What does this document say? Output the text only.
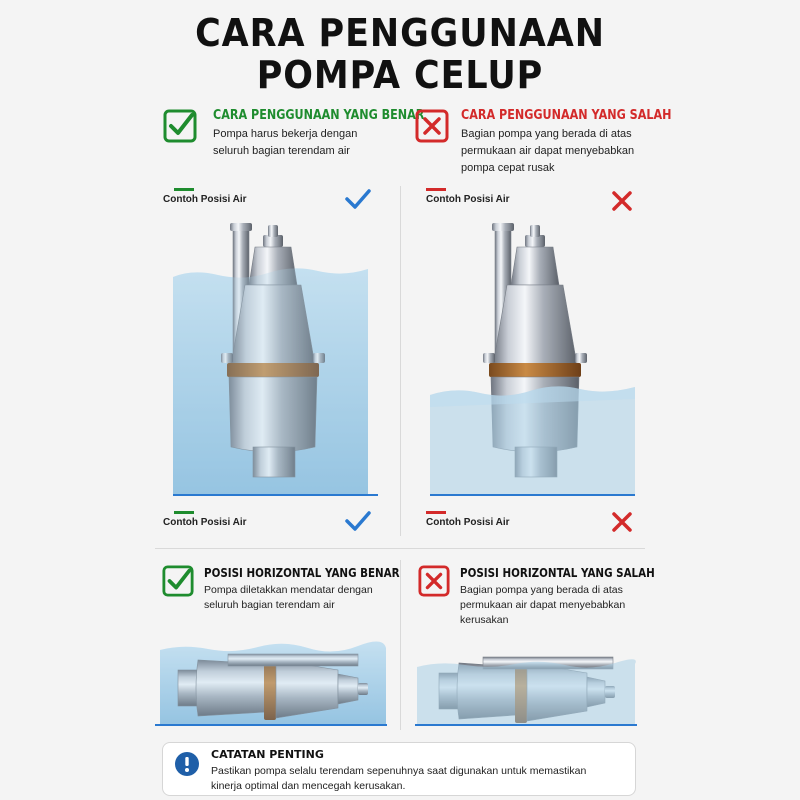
CARA PENGGUNAAN
POMPA CELUP
CARA PENGGUNAAN YANG BENAR
Pompa harus bekerja dengan
seluruh bagian terendam air
CARA PENGGUNAAN YANG SALAH
Bagian pompa yang berada di atas
permukaan air dapat menyebabkan
pompa cepat rusak
Contoh Posisi Air
Contoh Posisi Air
Contoh Posisi Air
Contoh Posisi Air
POSISI HORIZONTAL YANG BENAR
Pompa diletakkan mendatar dengan
seluruh bagian terendam air
POSISI HORIZONTAL YANG SALAH
Bagian pompa yang berada di atas
permukaan air dapat menyebabkan
kerusakan
CATATAN PENTING
Pastikan pompa selalu terendam sepenuhnya saat digunakan untuk memastikan
kinerja optimal dan mencegah kerusakan.
